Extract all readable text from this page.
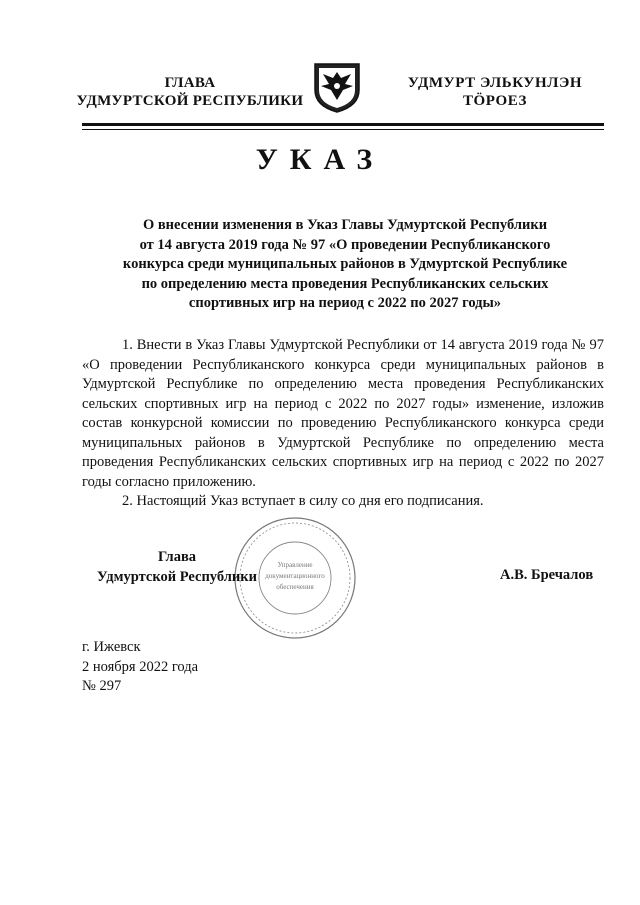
ГЛАВА
УДМУРТСКОЙ РЕСПУБЛИКИ
УДМУРТ ЭЛЬКУНЛЭН
ТӦРОЕЗ
УКАЗ
О внесении изменения в Указ Главы Удмуртской Республики
от 14 августа 2019 года № 97 «О проведении Республиканского
конкурса среди муниципальных районов в Удмуртской Республике
по определению места проведения Республиканских сельских
спортивных игр на период с 2022 по 2027 годы»

1. Внести в Указ Главы Удмуртской Республики от 14 августа 2019 года № 97 «О проведении Республиканского конкурса среди муниципальных районов в Удмуртской Республике по определению места проведения Республиканских сельских спортивных игр на период с 2022 по 2027 годы» изменение, изложив состав конкурсной комиссии по проведению Республиканского конкурса среди муниципальных районов в Удмуртской Республике по определению места проведения Республиканских сельских спортивных игр на период с 2022 по 2027 годы согласно приложению.

2. Настоящий Указ вступает в силу со дня его подписания.

Управление
документационного
обеспечения
Глава
Удмуртской Республики	А.В. Бречалов
г. Ижевск
2 ноября 2022 года
№ 297
